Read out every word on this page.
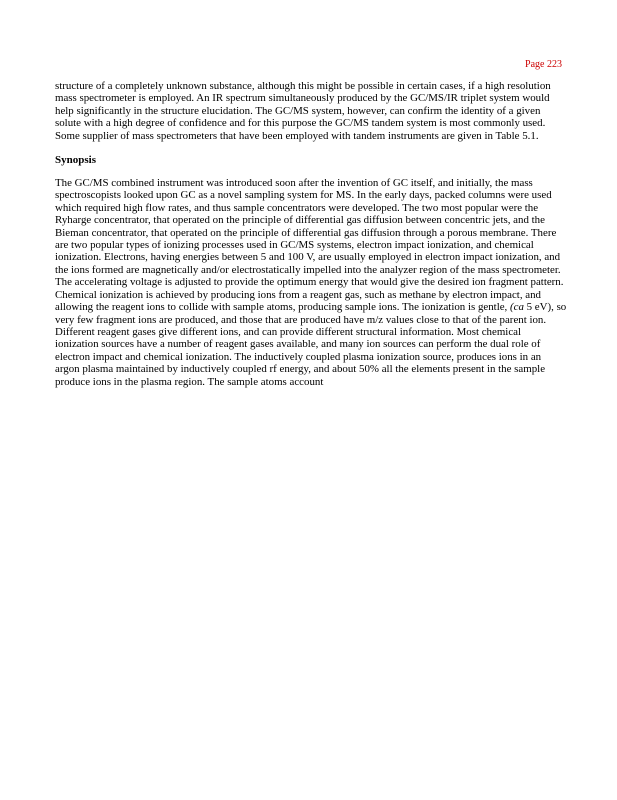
Page 223

structure of a completely unknown substance, although this might be possible in certain cases, if a high resolution mass spectrometer is employed. An IR spectrum simultaneously produced by the GC/MS/IR triplet system would help significantly in the structure elucidation. The GC/MS system, however, can confirm the identity of a given solute with a high degree of confidence and for this purpose the GC/MS tandem system is most commonly used. Some supplier of mass spectrometers that have been employed with tandem instruments are given in Table 5.1.

Synopsis

The GC/MS combined instrument was introduced soon after the invention of GC itself, and initially, the mass spectroscopists looked upon GC as a novel sampling system for MS. In the early days, packed columns were used which required high flow rates, and thus sample concentrators were developed. The two most popular were the Ryharge concentrator, that operated on the principle of differential gas diffusion between concentric jets, and the Bieman concentrator, that operated on the principle of differential gas diffusion through a porous membrane. There are two popular types of ionizing processes used in GC/MS systems, electron impact ionization, and chemical ionization. Electrons, having energies between 5 and 100 V, are usually employed in electron impact ionization, and the ions formed are magnetically and/or electrostatically impelled into the analyzer region of the mass spectrometer. The accelerating voltage is adjusted to provide the optimum energy that would give the desired ion fragment pattern. Chemical ionization is achieved by producing ions from a reagent gas, such as methane by electron impact, and allowing the reagent ions to collide with sample atoms, producing sample ions. The ionization is gentle, (ca 5 eV), so very few fragment ions are produced, and those that are produced have m/z values close to that of the parent ion. Different reagent gases give different ions, and can provide different structural information. Most chemical ionization sources have a number of reagent gases available, and many ion sources can perform the dual role of electron impact and chemical ionization. The inductively coupled plasma ionization source, produces ions in an argon plasma maintained by inductively coupled rf energy, and about 50% all the elements present in the sample produce ions in the plasma region. The sample atoms account
